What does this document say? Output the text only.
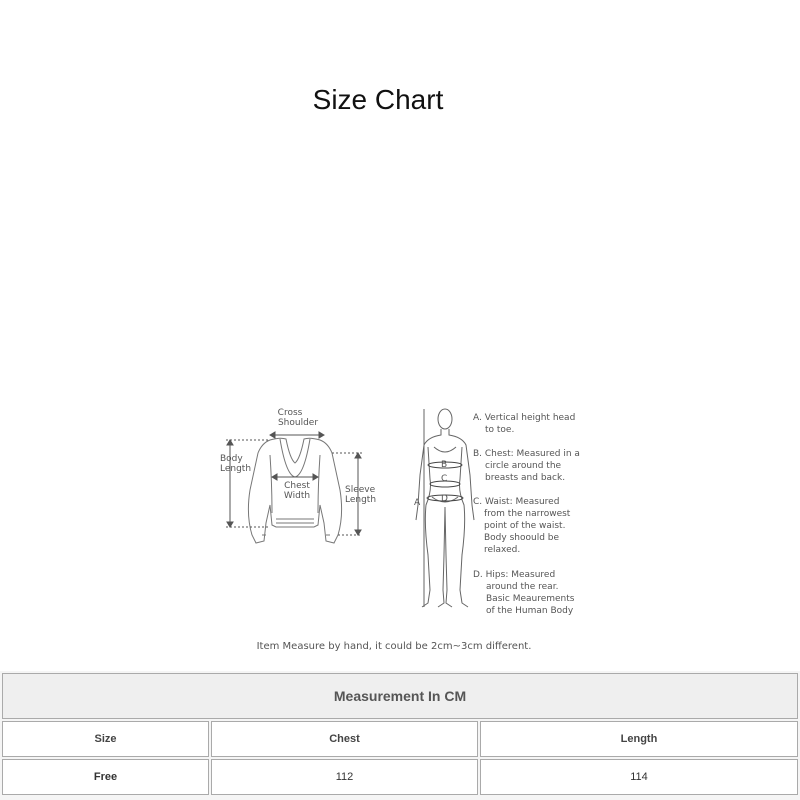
Size Chart
Cross
Shoulder
Body
Length
Chest
Width
Sleeve
Length
B
C
D
A
A. Vertical height head
to toe.
B. Chest: Measured in a
circle around the
breasts and back.
C. Waist: Measured
from the narrowest
point of the waist.
Body shoould be
relaxed.
D. Hips: Measured
around the rear.
Basic Meaurements
of the Human Body
Item Measure by hand, it could be 2cm~3cm different.
Measurement In CM		
Size	Chest	Length
Free	112	114
